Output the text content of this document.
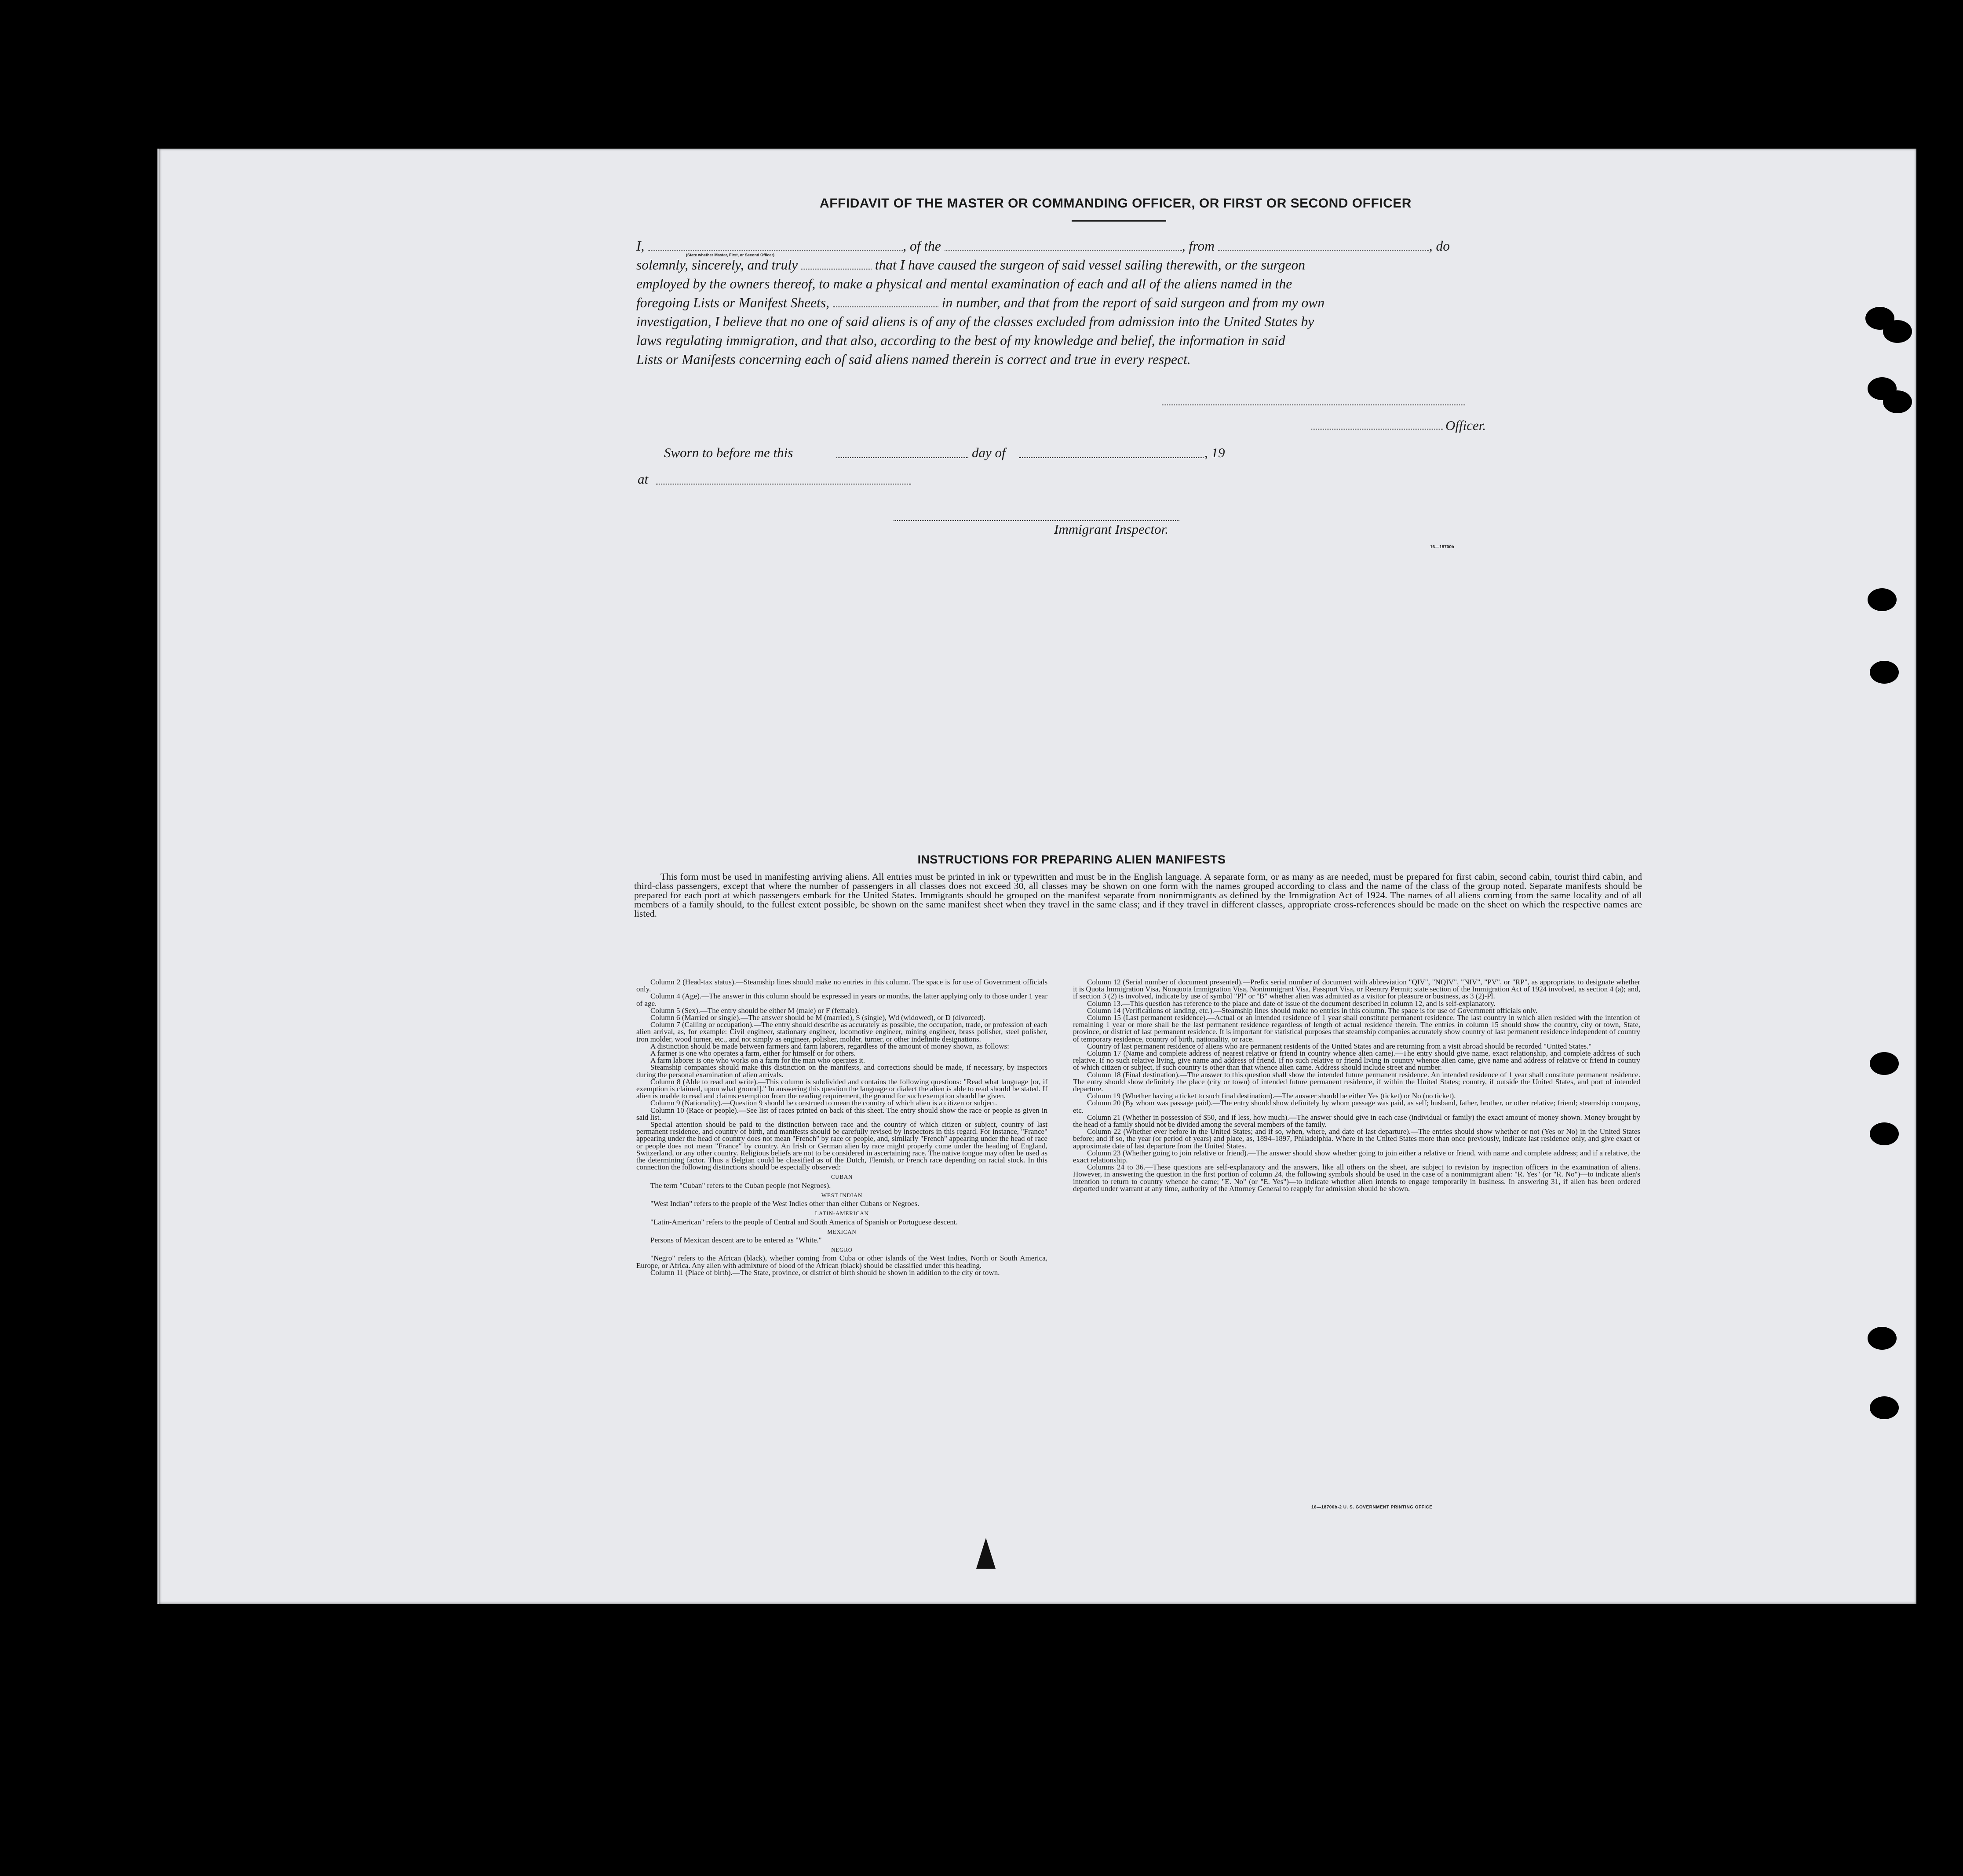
AFFIDAVIT OF THE MASTER OR COMMANDING OFFICER, OR FIRST OR SECOND OFFICER
I,	, of the	, from	, do
solemnly, sincerely, and truly	that I have caused the surgeon of said vessel sailing therewith, or the surgeon
employed by the owners thereof, to make a physical and mental examination of each and all of the aliens named in the
foregoing Lists or Manifest Sheets,	in number, and that from the report of said surgeon and from my own
investigation, I believe that no one of said aliens is of any of the classes excluded from admission into the United States by
laws regulating immigration, and that also, according to the best of my knowledge and belief, the information in said
Lists or Manifests concerning each of said aliens named therein is correct and true in every respect.
(State whether Master, First, or Second Officer)
Officer.
Sworn to before me this	day of	, 19
at
Immigrant Inspector.
16—18700b
INSTRUCTIONS FOR PREPARING ALIEN MANIFESTS
This form must be used in manifesting arriving aliens. All entries must be printed in ink or typewritten and must be in the English language. A separate form, or as many as are needed, must be prepared for first cabin, second cabin, tourist third cabin, and third-class passengers, except that where the number of passengers in all classes does not exceed 30, all classes may be shown on one form with the names grouped according to class and the name of the class of the group noted. Separate manifests should be prepared for each port at which passengers embark for the United States. Immigrants should be grouped on the manifest separate from nonimmigrants as defined by the Immigration Act of 1924. The names of all aliens coming from the same locality and of all members of a family should, to the fullest extent possible, be shown on the same manifest sheet when they travel in the same class; and if they travel in different classes, appropriate cross-references should be made on the sheet on which the respective names are listed.

Column 2 (Head-tax status).—Steamship lines should make no entries in this column. The space is for use of Government officials only.

Column 4 (Age).—The answer in this column should be expressed in years or months, the latter applying only to those under 1 year of age.

Column 5 (Sex).—The entry should be either M (male) or F (female).

Column 6 (Married or single).—The answer should be M (married), S (single), Wd (widowed), or D (divorced).

Column 7 (Calling or occupation).—The entry should describe as accurately as possible, the occupation, trade, or profession of each alien arrival, as, for example: Civil engineer, stationary engineer, locomotive engineer, mining engineer, brass polisher, steel polisher, iron molder, wood turner, etc., and not simply as engineer, polisher, molder, turner, or other indefinite designations.

A distinction should be made between farmers and farm laborers, regardless of the amount of money shown, as follows:

A farmer is one who operates a farm, either for himself or for others.

A farm laborer is one who works on a farm for the man who operates it.

Steamship companies should make this distinction on the manifests, and corrections should be made, if necessary, by inspectors during the personal examination of alien arrivals.

Column 8 (Able to read and write).—This column is subdivided and contains the following questions: "Read what language [or, if exemption is claimed, upon what ground]." In answering this question the language or dialect the alien is able to read should be stated. If alien is unable to read and claims exemption from the reading requirement, the ground for such exemption should be given.

Column 9 (Nationality).—Question 9 should be construed to mean the country of which alien is a citizen or subject.

Column 10 (Race or people).—See list of races printed on back of this sheet. The entry should show the race or people as given in said list.

Special attention should be paid to the distinction between race and the country of which citizen or subject, country of last permanent residence, and country of birth, and manifests should be carefully revised by inspectors in this regard. For instance, "France" appearing under the head of country does not mean "French" by race or people, and, similarly "French" appearing under the head of race or people does not mean "France" by country. An Irish or German alien by race might properly come under the heading of England, Switzerland, or any other country. Religious beliefs are not to be considered in ascertaining race. The native tongue may often be used as the determining factor. Thus a Belgian could be classified as of the Dutch, Flemish, or French race depending on racial stock. In this connection the following distinctions should be especially observed:

CUBAN

The term "Cuban" refers to the Cuban people (not Negroes).

WEST INDIAN

"West Indian" refers to the people of the West Indies other than either Cubans or Negroes.

LATIN-AMERICAN

"Latin-American" refers to the people of Central and South America of Spanish or Portuguese descent.

MEXICAN

Persons of Mexican descent are to be entered as "White."

NEGRO

"Negro" refers to the African (black), whether coming from Cuba or other islands of the West Indies, North or South America, Europe, or Africa. Any alien with admixture of blood of the African (black) should be classified under this heading.

Column 11 (Place of birth).—The State, province, or district of birth should be shown in addition to the city or town.

Column 12 (Serial number of document presented).—Prefix serial number of document with abbreviation "QIV", "NQIV", "NIV", "PV", or "RP", as appropriate, to designate whether it is Quota Immigration Visa, Nonquota Immigration Visa, Nonimmigrant Visa, Passport Visa, or Reentry Permit; state section of the Immigration Act of 1924 involved, as section 4 (a); and, if section 3 (2) is involved, indicate by use of symbol "Pl" or "B" whether alien was admitted as a visitor for pleasure or business, as 3 (2)-Pl.

Column 13.—This question has reference to the place and date of issue of the document described in column 12, and is self-explanatory.

Column 14 (Verifications of landing, etc.).—Steamship lines should make no entries in this column. The space is for use of Government officials only.

Column 15 (Last permanent residence).—Actual or an intended residence of 1 year shall constitute permanent residence. The last country in which alien resided with the intention of remaining 1 year or more shall be the last permanent residence regardless of length of actual residence therein. The entries in column 15 should show the country, city or town, State, province, or district of last permanent residence. It is important for statistical purposes that steamship companies accurately show country of last permanent residence independent of country of temporary residence, country of birth, nationality, or race.

Country of last permanent residence of aliens who are permanent residents of the United States and are returning from a visit abroad should be recorded "United States."

Column 17 (Name and complete address of nearest relative or friend in country whence alien came).—The entry should give name, exact relationship, and complete address of such relative. If no such relative living, give name and address of friend. If no such relative or friend living in country whence alien came, give name and address of relative or friend in country of which citizen or subject, if such country is other than that whence alien came. Address should include street and number.

Column 18 (Final destination).—The answer to this question shall show the intended future permanent residence. An intended residence of 1 year shall constitute permanent residence. The entry should show definitely the place (city or town) of intended future permanent residence, if within the United States; country, if outside the United States, and port of intended departure.

Column 19 (Whether having a ticket to such final destination).—The answer should be either Yes (ticket) or No (no ticket).

Column 20 (By whom was passage paid).—The entry should show definitely by whom passage was paid, as self; husband, father, brother, or other relative; friend; steamship company, etc.

Column 21 (Whether in possession of $50, and if less, how much).—The answer should give in each case (individual or family) the exact amount of money shown. Money brought by the head of a family should not be divided among the several members of the family.

Column 22 (Whether ever before in the United States; and if so, when, where, and date of last departure).—The entries should show whether or not (Yes or No) in the United States before; and if so, the year (or period of years) and place, as, 1894–1897, Philadelphia. Where in the United States more than once previously, indicate last residence only, and give exact or approximate date of last departure from the United States.

Column 23 (Whether going to join relative or friend).—The answer should show whether going to join either a relative or friend, with name and complete address; and if a relative, the exact relationship.

Columns 24 to 36.—These questions are self-explanatory and the answers, like all others on the sheet, are subject to revision by inspection officers in the examination of aliens. However, in answering the question in the first portion of column 24, the following symbols should be used in the case of a nonimmigrant alien: "R. Yes" (or "R. No")—to indicate alien's intention to return to country whence he came; "E. No" (or "E. Yes")—to indicate whether alien intends to engage temporarily in business. In answering 31, if alien has been ordered deported under warrant at any time, authority of the Attorney General to reapply for admission should be shown.

16—18700b-2 U. S. GOVERNMENT PRINTING OFFICE
